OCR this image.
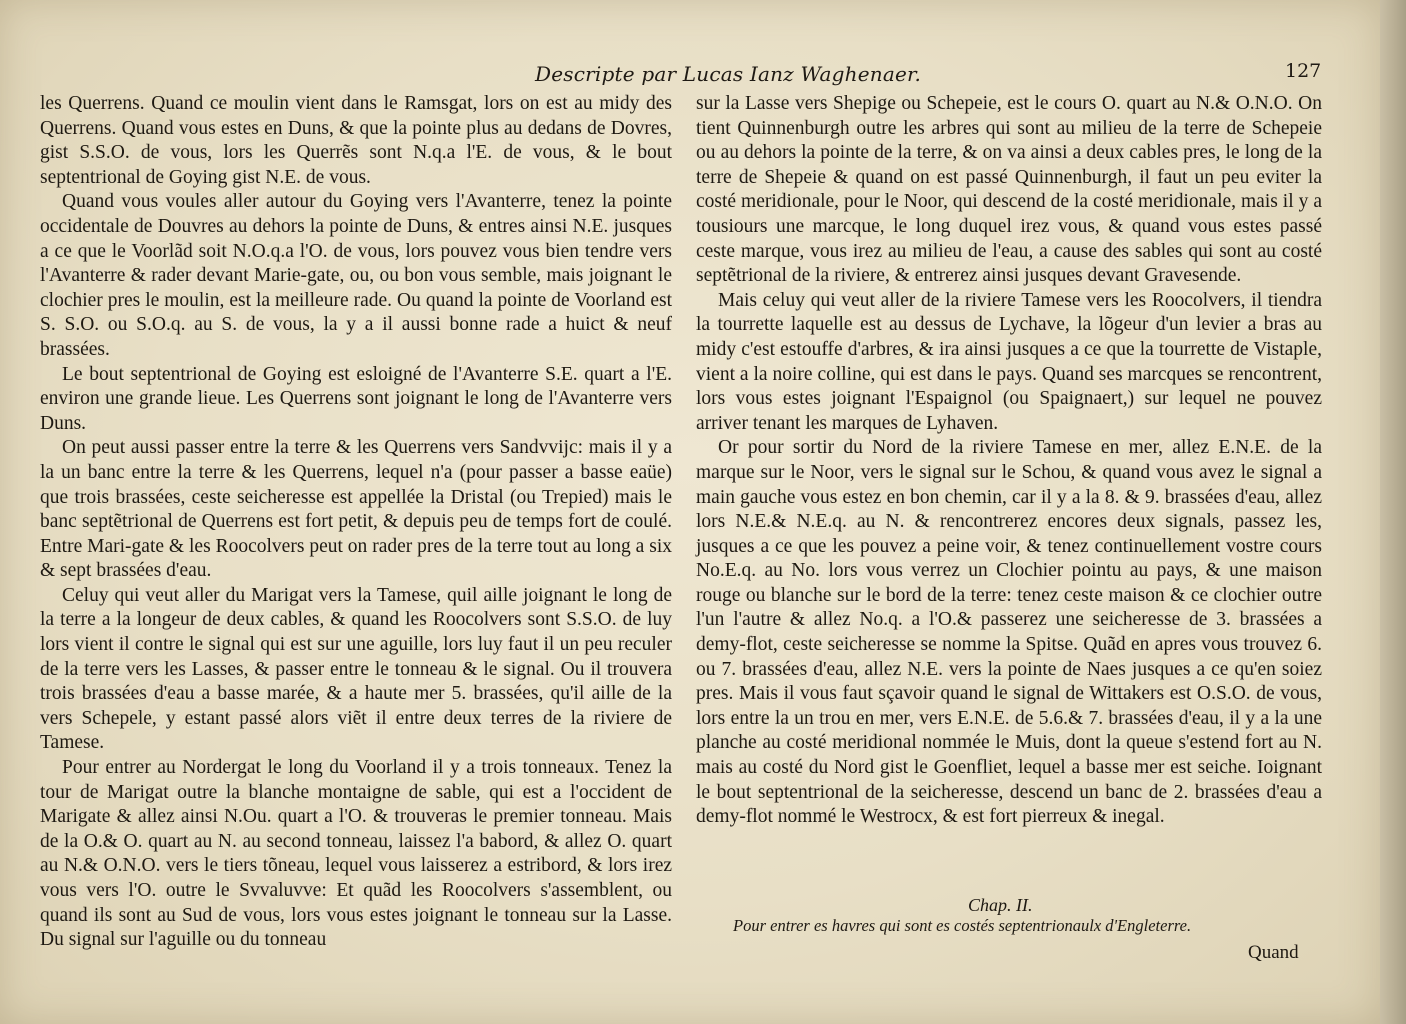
Descripte par Lucas Ianz Waghenaer.	127

les Querrens. Quand ce moulin vient dans le Ramsgat, lors on est au midy des Querrens. Quand vous estes en Duns, & que la pointe plus au dedans de Dovres, gist S.S.O. de vous, lors les Querrẽs sont N.q.a l'E. de vous, & le bout septentrional de Goying gist N.E. de vous.

Quand vous voules aller autour du Goying vers l'Avanterre, tenez la pointe occidentale de Douvres au dehors la pointe de Duns, & entres ainsi N.E. jusques a ce que le Voorlãd soit N.O.q.a l'O. de vous, lors pouvez vous bien tendre vers l'Avanterre & rader devant Marie-gate, ou, ou bon vous semble, mais joignant le clochier pres le moulin, est la meilleure rade. Ou quand la pointe de Voorland est S. S.O. ou S.O.q. au S. de vous, la y a il aussi bonne rade a huict & neuf brassées.

Le bout septentrional de Goying est esloigné de l'Avanterre S.E. quart a l'E. environ une grande lieue. Les Querrens sont joignant le long de l'Avanterre vers Duns.

On peut aussi passer entre la terre & les Querrens vers Sandvvijc: mais il y a la un banc entre la terre & les Querrens, lequel n'a (pour passer a basse eaüe) que trois brassées, ceste seicheresse est appellée la Dristal (ou Trepied) mais le banc septẽtrional de Querrens est fort petit, & depuis peu de temps fort de coulé. Entre Mari-gate & les Roocolvers peut on rader pres de la terre tout au long a six & sept brassées d'eau.

Celuy qui veut aller du Marigat vers la Tamese, quil aille joignant le long de la terre a la longeur de deux cables, & quand les Roocolvers sont S.S.O. de luy lors vient il contre le signal qui est sur une aguille, lors luy faut il un peu reculer de la terre vers les Lasses, & passer entre le tonneau & le signal. Ou il trouvera trois brassées d'eau a basse marée, & a haute mer 5. brassées, qu'il aille de la vers Schepele, y estant passé alors viẽt il entre deux terres de la riviere de Tamese.

Pour entrer au Nordergat le long du Voorland il y a trois tonneaux. Tenez la tour de Marigat outre la blanche montaigne de sable, qui est a l'occident de Marigate & allez ainsi N.Ou. quart a l'O. & trouveras le premier tonneau. Mais de la O.& O. quart au N. au second tonneau, laissez l'a babord, & allez O. quart au N.& O.N.O. vers le tiers tõneau, lequel vous laisserez a estribord, & lors irez vous vers l'O. outre le Svvaluvve: Et quãd les Roocolvers s'assemblent, ou quand ils sont au Sud de vous, lors vous estes joignant le tonneau sur la Lasse. Du signal sur l'aguille ou du tonneau

sur la Lasse vers Shepige ou Schepeie, est le cours O. quart au N.& O.N.O. On tient Quinnenburgh outre les arbres qui sont au milieu de la terre de Schepeie ou au dehors la pointe de la terre, & on va ainsi a deux cables pres, le long de la terre de Shepeie & quand on est passé Quinnenburgh, il faut un peu eviter la costé meridionale, pour le Noor, qui descend de la costé meridionale, mais il y a tousiours une marcque, le long duquel irez vous, & quand vous estes passé ceste marque, vous irez au milieu de l'eau, a cause des sables qui sont au costé septẽtrional de la riviere, & entrerez ainsi jusques devant Gravesende.

Mais celuy qui veut aller de la riviere Tamese vers les Roocolvers, il tiendra la tourrette laquelle est au dessus de Lychave, la lõgeur d'un levier a bras au midy c'est estouffe d'arbres, & ira ainsi jusques a ce que la tourrette de Vistaple, vient a la noire colline, qui est dans le pays. Quand ses marcques se rencontrent, lors vous estes joignant l'Espaignol (ou Spaignaert,) sur lequel ne pouvez arriver tenant les marques de Lyhaven.

Or pour sortir du Nord de la riviere Tamese en mer, allez E.N.E. de la marque sur le Noor, vers le signal sur le Schou, & quand vous avez le signal a main gauche vous estez en bon chemin, car il y a la 8. & 9. brassées d'eau, allez lors N.E.& N.E.q. au N. & rencontrerez encores deux signals, passez les, jusques a ce que les pouvez a peine voir, & tenez continuellement vostre cours No.E.q. au No. lors vous verrez un Clochier pointu au pays, & une maison rouge ou blanche sur le bord de la terre: tenez ceste maison & ce clochier outre l'un l'autre & allez No.q. a l'O.& passerez une seicheresse de 3. brassées a demy-flot, ceste seicheresse se nomme la Spitse. Quãd en apres vous trouvez 6. ou 7. brassées d'eau, allez N.E. vers la pointe de Naes jusques a ce qu'en soiez pres. Mais il vous faut sçavoir quand le signal de Wittakers est O.S.O. de vous, lors entre la un trou en mer, vers E.N.E. de 5.6.& 7. brassées d'eau, il y a la une planche au costé meridional nommée le Muis, dont la queue s'estend fort au N. mais au costé du Nord gist le Goenfliet, lequel a basse mer est seiche. Ioignant le bout septentrional de la seicheresse, descend un banc de 2. brassées d'eau a demy-flot nommé le Westrocx, & est fort pierreux & inegal.

Chap. II.
Pour entrer es havres qui sont es costés septentrionaulx d'Engleterre.
Quand
